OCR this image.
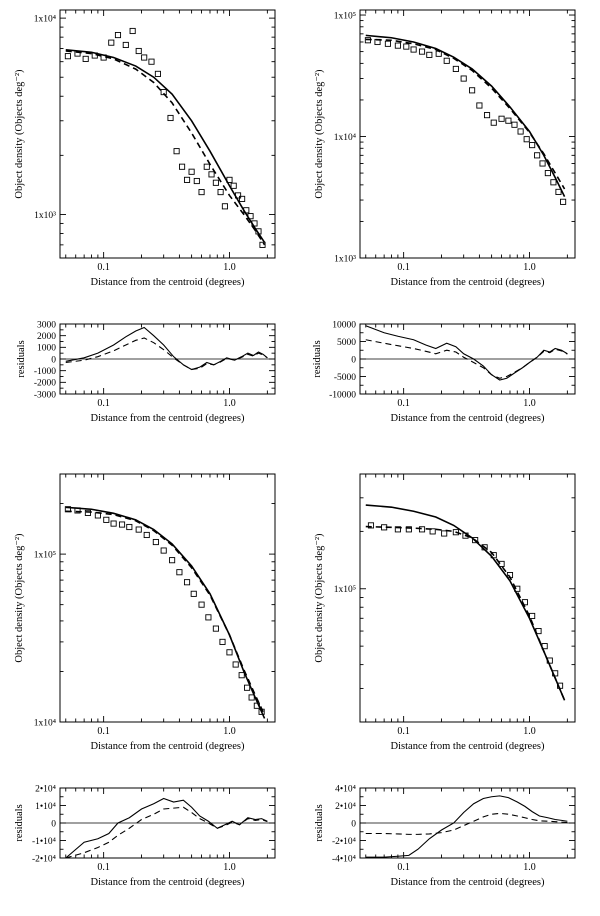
0.1	1.0
1x10³
1x10⁴
Object density (Objects deg⁻²)
Distance from the centroid (degrees)
0.1	1.0
1x10³
1x10⁴
1x10⁵
Object density (Objects deg⁻²)
Distance from the centroid (degrees)
0.1	1.0
-3000
-2000
-1000
0
1000
2000
3000
residuals
Distance from the centroid (degrees)
0.1	1.0
-10000
-5000
0
5000
10000
residuals
Distance from the centroid (degrees)
0.1	1.0
1x10⁴
1x10⁵
Object density (Objects deg⁻²)
Distance from the centroid (degrees)
0.1	1.0
1x10⁵
Object density (Objects deg⁻²)
Distance from the centroid (degrees)
0.1	1.0
-2•10⁴
-1•10⁴
0
1•10⁴
2•10⁴
residuals
Distance from the centroid (degrees)
0.1	1.0
-4•10⁴
-2•10⁴
0
2•10⁴
4•10⁴
residuals
Distance from the centroid (degrees)
